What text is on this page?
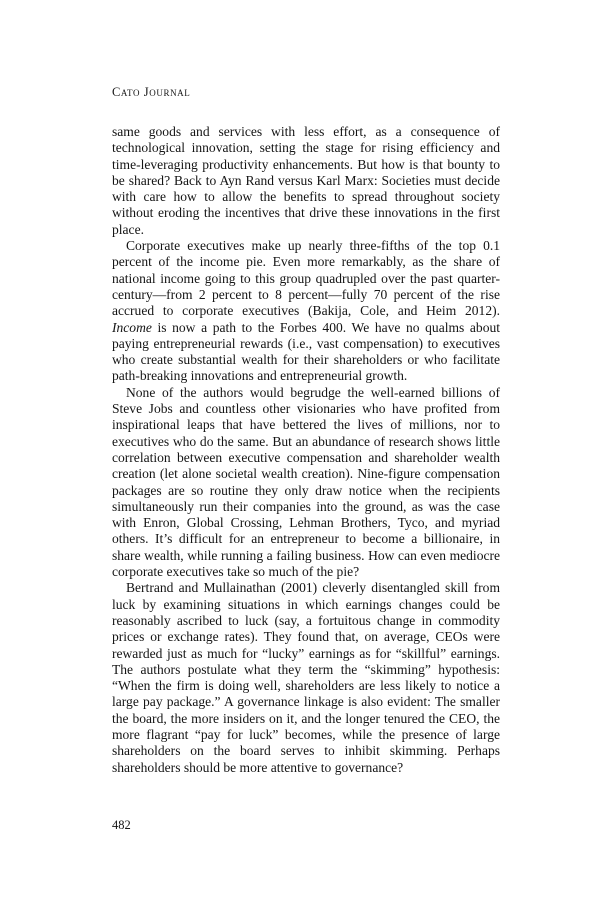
Cato Journal

same goods and services with less effort, as a consequence of technological innovation, setting the stage for rising efficiency and time-leveraging productivity enhancements. But how is that bounty to be shared? Back to Ayn Rand versus Karl Marx: Societies must decide with care how to allow the benefits to spread throughout society without eroding the incentives that drive these innovations in the first place.

Corporate executives make up nearly three-fifths of the top 0.1 percent of the income pie. Even more remarkably, as the share of national income going to this group quadrupled over the past quarter-century—from 2 percent to 8 percent—fully 70 percent of the rise accrued to corporate executives (Bakija, Cole, and Heim 2012). Income is now a path to the Forbes 400. We have no qualms about paying entrepreneurial rewards (i.e., vast compensation) to executives who create substantial wealth for their shareholders or who facilitate path-breaking innovations and entrepreneurial growth.

None of the authors would begrudge the well-earned billions of Steve Jobs and countless other visionaries who have profited from inspirational leaps that have bettered the lives of millions, nor to executives who do the same. But an abundance of research shows little correlation between executive compensation and shareholder wealth creation (let alone societal wealth creation). Nine-figure compensation packages are so routine they only draw notice when the recipients simultaneously run their companies into the ground, as was the case with Enron, Global Crossing, Lehman Brothers, Tyco, and myriad others. It’s difficult for an entrepreneur to become a billionaire, in share wealth, while running a failing business. How can even mediocre corporate executives take so much of the pie?

Bertrand and Mullainathan (2001) cleverly disentangled skill from luck by examining situations in which earnings changes could be reasonably ascribed to luck (say, a fortuitous change in commodity prices or exchange rates). They found that, on average, CEOs were rewarded just as much for “lucky” earnings as for “skillful” earnings. The authors postulate what they term the “skimming” hypothesis: “When the firm is doing well, shareholders are less likely to notice a large pay package.” A governance linkage is also evident: The smaller the board, the more insiders on it, and the longer tenured the CEO, the more flagrant “pay for luck” becomes, while the presence of large shareholders on the board serves to inhibit skimming. Perhaps shareholders should be more attentive to governance?

482
